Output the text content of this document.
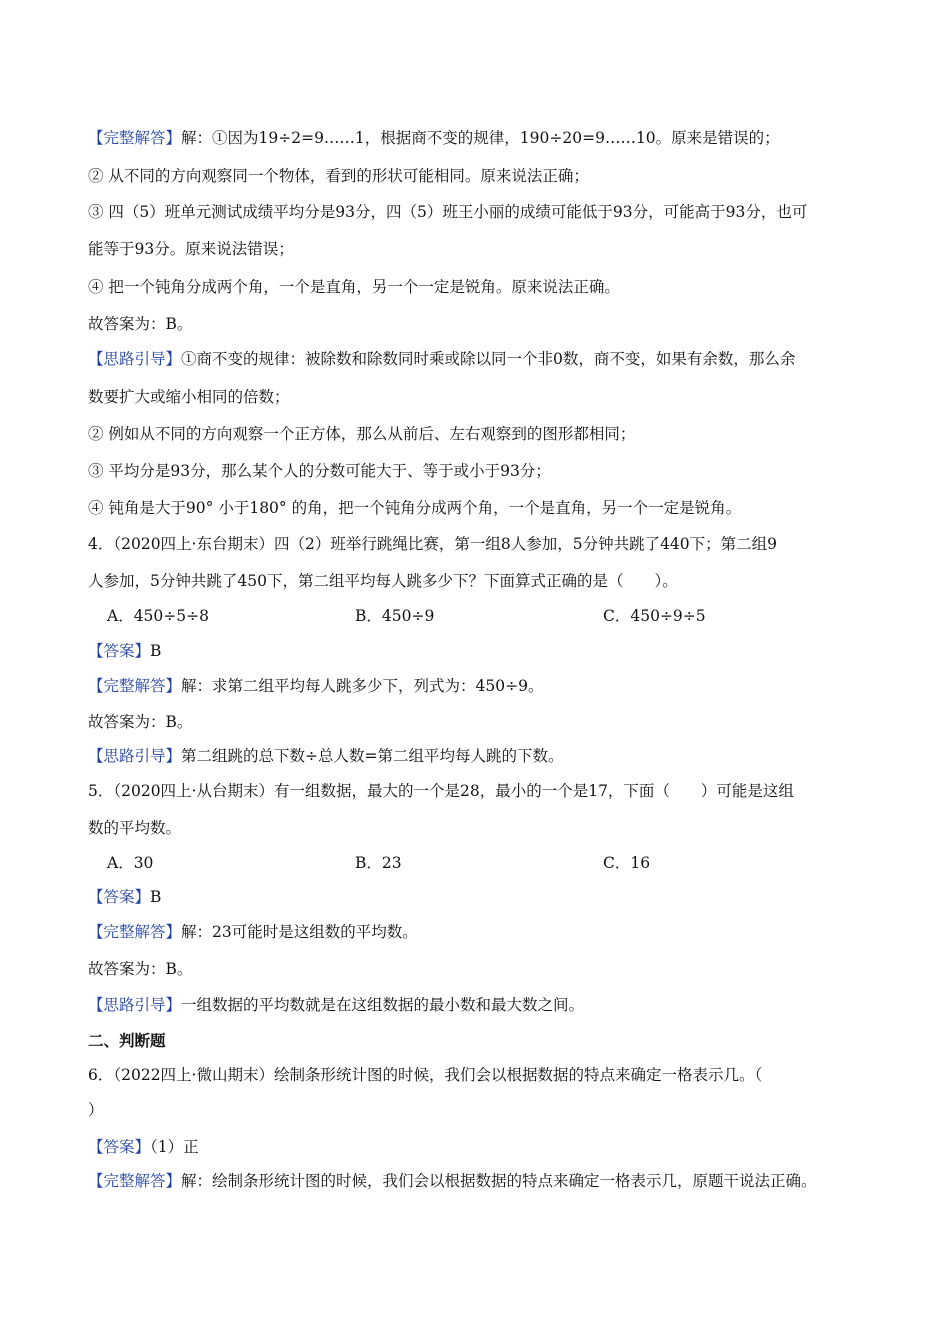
【完整解答】解：①因为19÷2=9……1，根据商不变的规律，190÷20=9……10。原来是错误的；
② 从不同的方向观察同一个物体，看到的形状可能相同。原来说法正确；
③ 四（5）班单元测试成绩平均分是93分，四（5）班王小丽的成绩可能低于93分，可能高于93分，也可
能等于93分。原来说法错误；
④ 把一个钝角分成两个角，一个是直角，另一个一定是锐角。原来说法正确。
故答案为：B。
【思路引导】①商不变的规律：被除数和除数同时乘或除以同一个非0数，商不变，如果有余数，那么余
数要扩大或缩小相同的倍数；
② 例如从不同的方向观察一个正方体，那么从前后、左右观察到的图形都相同；
③ 平均分是93分，那么某个人的分数可能大于、等于或小于93分；
④ 钝角是大于90° 小于180° 的角，把一个钝角分成两个角，一个是直角，另一个一定是锐角。
4．（2020四上·东台期末）四（2）班举行跳绳比赛，第一组8人参加，5分钟共跳了440下；第二组9
人参加，5分钟共跳了450下，第二组平均每人跳多少下？下面算式正确的是（　　）。
A．450÷5÷8	B．450÷9	C．450÷9÷5
【答案】B
【完整解答】解：求第二组平均每人跳多少下，列式为：450÷9。
故答案为：B。
【思路引导】第二组跳的总下数÷总人数=第二组平均每人跳的下数。
5．（2020四上·从台期末）有一组数据，最大的一个是28，最小的一个是17，下面（　　）可能是这组
数的平均数。
A．30	B．23	C．16
【答案】B
【完整解答】解：23可能时是这组数的平均数。
故答案为：B。
【思路引导】一组数据的平均数就是在这组数据的最小数和最大数之间。
二、判断题
6．（2022四上·微山期末）绘制条形统计图的时候，我们会以根据数据的特点来确定一格表示几。（
）
【答案】（1）正
【完整解答】解：绘制条形统计图的时候，我们会以根据数据的特点来确定一格表示几，原题干说法正确。
